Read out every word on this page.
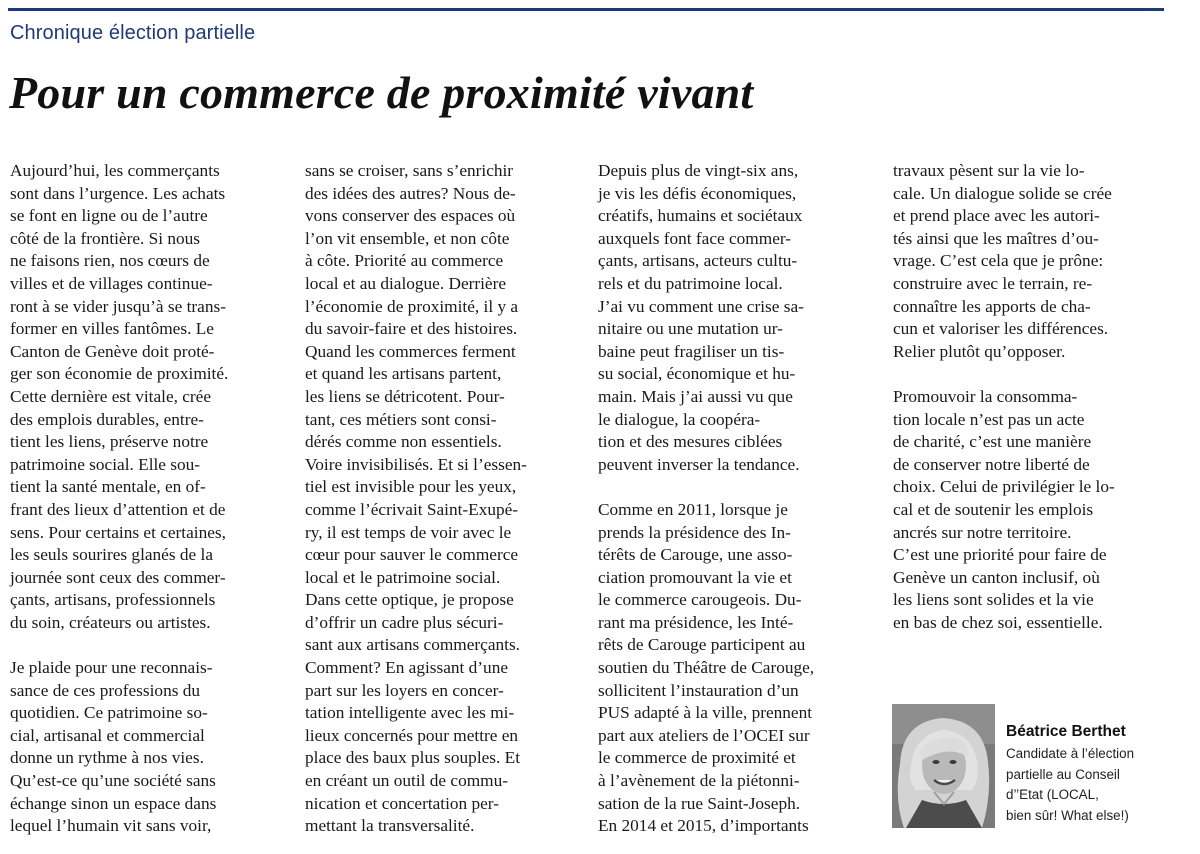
Chronique élection partielle
Pour un commerce de proximité vivant
Aujourd’hui, les commerçants
sont dans l’urgence. Les achats
se font en ligne ou de l’autre
côté de la frontière. Si nous
ne faisons rien, nos cœurs de
villes et de villages continue-
ront à se vider jusqu’à se trans-
former en villes fantômes. Le
Canton de Genève doit proté-
ger son économie de proximité.
Cette dernière est vitale, crée
des emplois durables, entre-
tient les liens, préserve notre
patrimoine social. Elle sou-
tient la santé mentale, en of-
frant des lieux d’attention et de
sens. Pour certains et certaines,
les seuls sourires glanés de la
journée sont ceux des commer-
çants, artisans, professionnels
du soin, créateurs ou artistes.
Je plaide pour une reconnais-
sance de ces professions du
quotidien. Ce patrimoine so-
cial, artisanal et commercial
donne un rythme à nos vies.
Qu’est-ce qu’une société sans
échange sinon un espace dans
lequel l’humain vit sans voir,
sans se croiser, sans s’enrichir
des idées des autres? Nous de-
vons conserver des espaces où
l’on vit ensemble, et non côte
à côte. Priorité au commerce
local et au dialogue. Derrière
l’économie de proximité, il y a
du savoir-faire et des histoires.
Quand les commerces ferment
et quand les artisans partent,
les liens se détricotent. Pour-
tant, ces métiers sont consi-
dérés comme non essentiels.
Voire invisibilisés. Et si l’essen-
tiel est invisible pour les yeux,
comme l’écrivait Saint-Exupé-
ry, il est temps de voir avec le
cœur pour sauver le commerce
local et le patrimoine social.
Dans cette optique, je propose
d’offrir un cadre plus sécuri-
sant aux artisans commerçants.
Comment? En agissant d’une
part sur les loyers en concer-
tation intelligente avec les mi-
lieux concernés pour mettre en
place des baux plus souples. Et
en créant un outil de commu-
nication et concertation per-
mettant la transversalité.
Depuis plus de vingt-six ans,
je vis les défis économiques,
créatifs, humains et sociétaux
auxquels font face commer-
çants, artisans, acteurs cultu-
rels et du patrimoine local.
J’ai vu comment une crise sa-
nitaire ou une mutation ur-
baine peut fragiliser un tis-
su social, économique et hu-
main. Mais j’ai aussi vu que
le dialogue, la coopéra-
tion et des mesures ciblées
peuvent inverser la tendance.
Comme en 2011, lorsque je
prends la présidence des In-
térêts de Carouge, une asso-
ciation promouvant la vie et
le commerce carougeois. Du-
rant ma présidence, les Inté-
rêts de Carouge participent au
soutien du Théâtre de Carouge,
sollicitent l’instauration d’un
PUS adapté à la ville, prennent
part aux ateliers de l’OCEI sur
le commerce de proximité et
à l’avènement de la piétonni-
sation de la rue Saint-Joseph.
En 2014 et 2015, d’importants
travaux pèsent sur la vie lo-
cale. Un dialogue solide se crée
et prend place avec les autori-
tés ainsi que les maîtres d’ou-
vrage. C’est cela que je prône:
construire avec le terrain, re-
connaître les apports de cha-
cun et valoriser les différences.
Relier plutôt qu’opposer.
Promouvoir la consomma-
tion locale n’est pas un acte
de charité, c’est une manière
de conserver notre liberté de
choix. Celui de privilégier le lo-
cal et de soutenir les emplois
ancrés sur notre territoire.
C’est une priorité pour faire de
Genève un canton inclusif, où
les liens sont solides et la vie
en bas de chez soi, essentielle.
Béatrice Berthet
Candidate à l’élection
partielle au Conseil
d’’Etat (LOCAL,
bien sûr! What else!)
